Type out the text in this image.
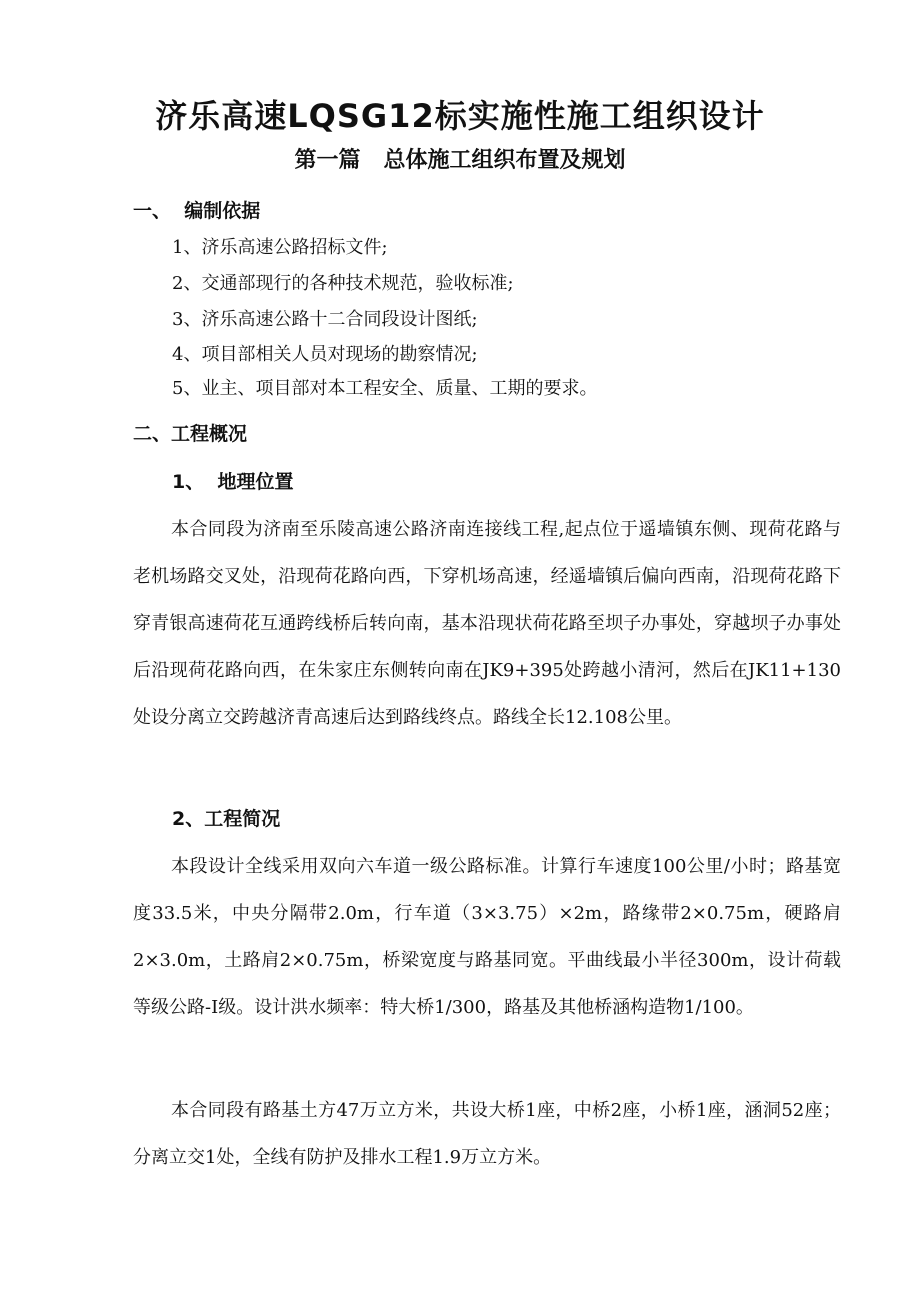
济乐高速LQSG12标实施性施工组织设计
第一篇   总体施工组织布置及规划
一、  编制依据

1、济乐高速公路招标文件;

2、交通部现行的各种技术规范，验收标准;

3、济乐高速公路十二合同段设计图纸;

4、项目部相关人员对现场的勘察情况;

5、业主、项目部对本工程安全、质量、工期的要求。

二、工程概况
1、  地理位置

本合同段为济南至乐陵高速公路济南连接线工程,起点位于遥墙镇东侧、现荷花路与老机场路交叉处，沿现荷花路向西，下穿机场高速，经遥墙镇后偏向西南，沿现荷花路下穿青银高速荷花互通跨线桥后转向南，基本沿现状荷花路至坝子办事处，穿越坝子办事处后沿现荷花路向西，在朱家庄东侧转向南在JK9+395处跨越小清河，然后在JK11+130处设分离立交跨越济青高速后达到路线终点。路线全长12.108公里。

2、工程简况

本段设计全线采用双向六车道一级公路标准。计算行车速度100公里/小时；路基宽度33.5米，中央分隔带2.0m，行车道（3×3.75）×2m，路缘带2×0.75m，硬路肩2×3.0m，土路肩2×0.75m，桥梁宽度与路基同宽。平曲线最小半径300m，设计荷载等级公路-I级。设计洪水频率：特大桥1/300，路基及其他桥涵构造物1/100。

本合同段有路基土方47万立方米，共设大桥1座，中桥2座，小桥1座，涵洞52座；分离立交1处，全线有防护及排水工程1.9万立方米。
